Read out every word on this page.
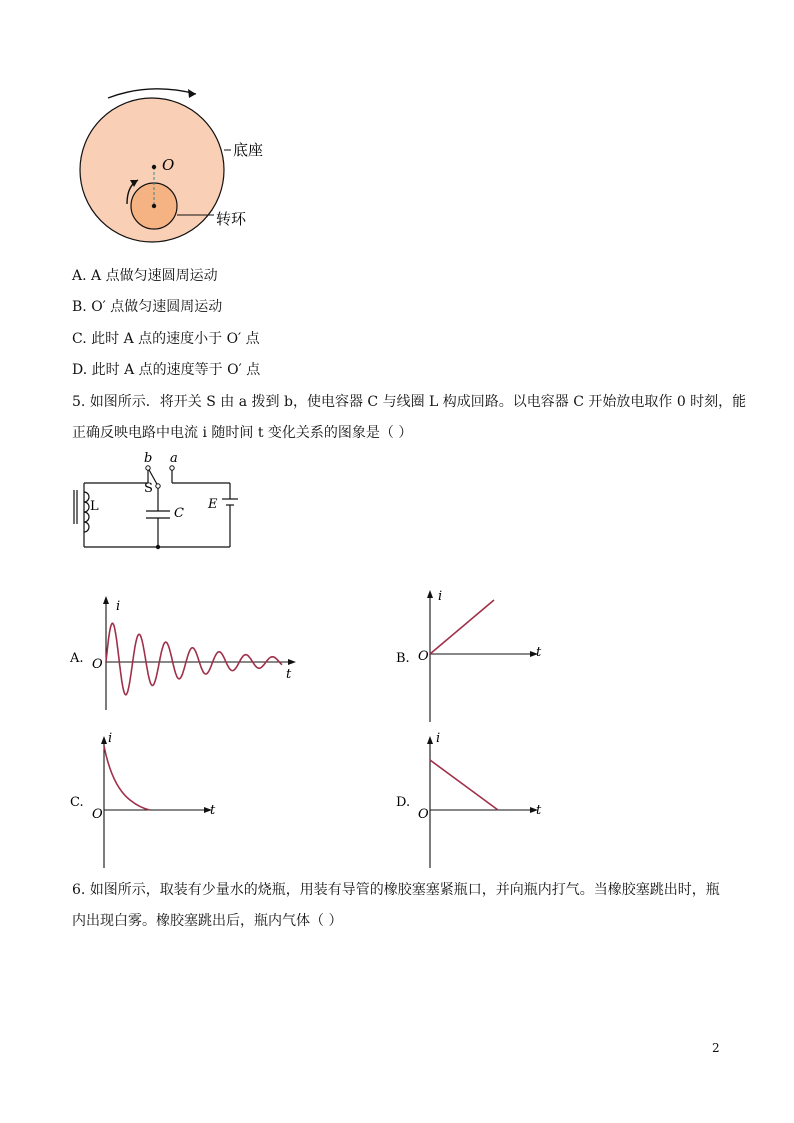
O
底座
转环
A. A 点做匀速圆周运动
B. O′ 点做匀速圆周运动
C. 此时 A 点的速度小于 O′ 点
D. 此时 A 点的速度等于 O′ 点
5. 如图所示．将开关 S 由 a 拨到 b，使电容器 C 与线圈 L 构成回路。以电容器 C 开始放电取作 0 时刻，能
正确反映电路中电流 i 随时间 t 变化关系的图象是（ ）
b a
S
L	C
E
A.
i
t
O	B.
i
t
O
C.
i
t
O
D.
i
t
O
6. 如图所示，取装有少量水的烧瓶，用装有导管的橡胶塞塞紧瓶口，并向瓶内打气。当橡胶塞跳出时，瓶
内出现白雾。橡胶塞跳出后，瓶内气体（ ）
2
